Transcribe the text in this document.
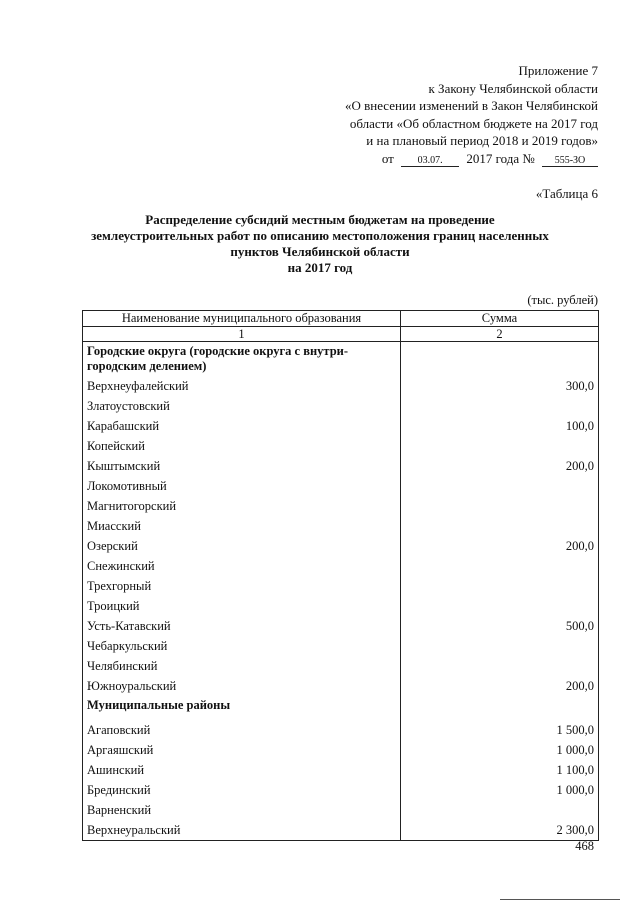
Приложение 7
к Закону Челябинской области
«О внесении изменений в Закон Челябинской
области «Об областном бюджете на 2017 год
и на плановый период 2018 и 2019 годов»
от 03.07. 2017 года № 555-ЗО
«Таблица 6
Распределение субсидий местным бюджетам на проведение
землеустроительных работ по описанию местоположения границ населенных
пунктов Челябинской области
на 2017 год
(тыс. рублей)
Наименование муниципального образования	Сумма
1	2

Городские округа (городские округа с внутри-
городским делением)	

Верхнеуфалейский	300,0
Златоустовский	
Карабашский	100,0
Копейский	
Кыштымский	200,0
Локомотивный	
Магнитогорский	
Миасский	
Озерский	200,0
Снежинский	
Трехгорный	
Троицкий	
Усть-Катавский	500,0
Чебаркульский	
Челябинский	
Южноуральский	200,0
Муниципальные районы	
Агаповский	1 500,0
Аргаяшский	1 000,0
Ашинский	1 100,0
Брединский	1 000,0
Варненский	
Верхнеуральский	2 300,0
468
